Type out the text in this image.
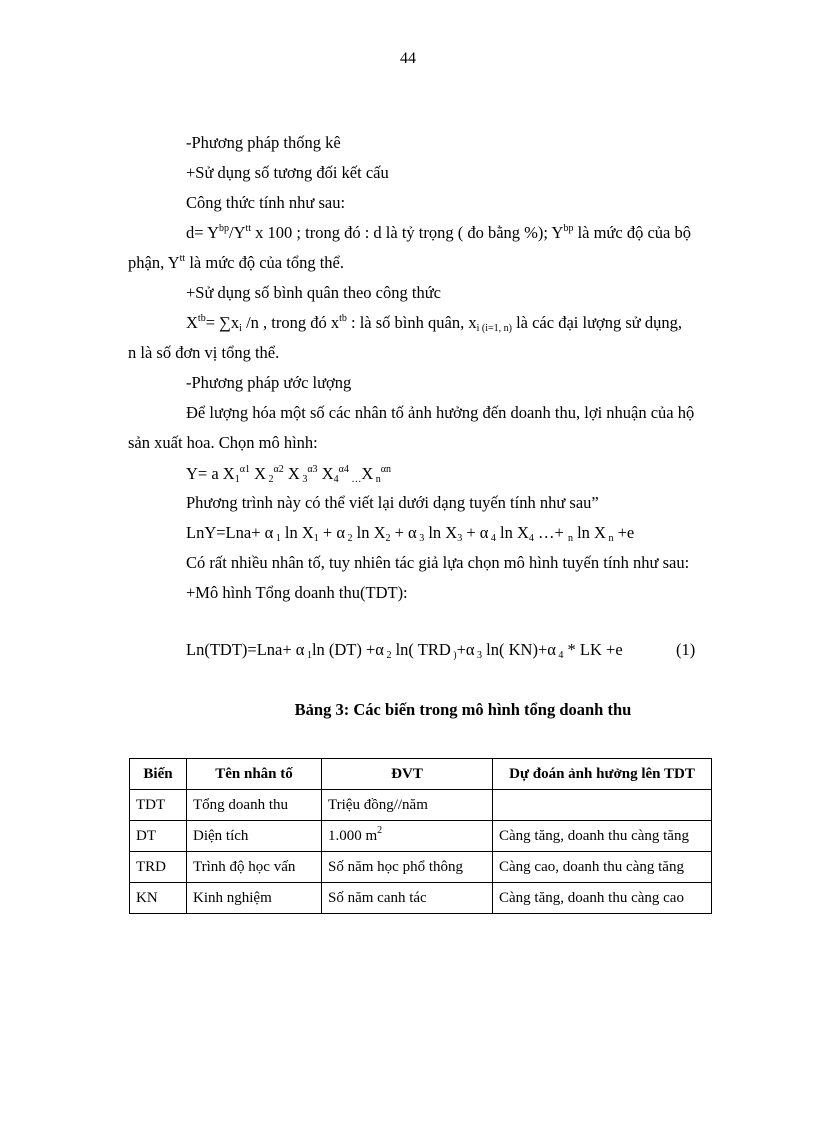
44
-Phương pháp thống kê
+Sử dụng số tương đối kết cấu
Công thức tính như sau:
$d= Y^{bp}/Y^{tt}$ x 100 ; trong đó : d là tỷ trọng ( đo bằng %); $Y^{bp}$ là mức độ của bộ
phận, $Y^{tt}$ là mức độ của tổng thể.
+Sử dụng số bình quân theo công thức
$X^{tb}= \sum x_i$ /n , trong đó $x^{tb}$ : là số bình quân, $x_{i (i=1, n)}$ là các đại lượng sử dụng,
n là số đơn vị tổng thể.
-Phương pháp ước lượng
Để lượng hóa một số các nhân tố ảnh hưởng đến doanh thu, lợi nhuận của hộ
sản xuất hoa. Chọn mô hình:
Y= a $X_1^{\alpha 1}$ X $_2^{\alpha 2}$ X $_3^{\alpha 3}$ $X_4^{\alpha 4}$ $_\dots$X $_n^{\alpha n}$
Phương trình này có thể viết lại dưới dạng tuyến tính như sau”
LnY=Lna+ α $_1$ $\ln X_1 + \alpha$ $_2$ $\ln X_2 + \alpha$ $_3$ $\ln X_3 + \alpha$ $_4$ $\ln X_4$ …+ $_n$ ln X $_n$ +e
Có rất nhiều nhân tố, tuy nhiên tác giả lựa chọn mô hình tuyến tính như sau:
+Mô hình Tổng doanh thu(TDT):
Ln(TDT)=Lna+ α $_1$ln (DT) +α $_2$ ln( TRD $_)$+α $_3$ ln( KN)+α $_4$ * LK +e	(1)
Bảng 3: Các biến trong mô hình tổng doanh thu
Biến	Tên nhân tố	ĐVT	Dự đoán ảnh hưởng lên TDT
TDT	Tổng doanh thu	Triệu đồng//năm	
DT	Diện tích	1.000 $m^2$	Càng tăng, doanh thu càng tăng
TRD	Trình độ học vấn	Số năm học phổ thông	Càng cao, doanh thu càng tăng
KN	Kinh nghiệm	Số năm canh tác	Càng tăng, doanh thu càng cao
